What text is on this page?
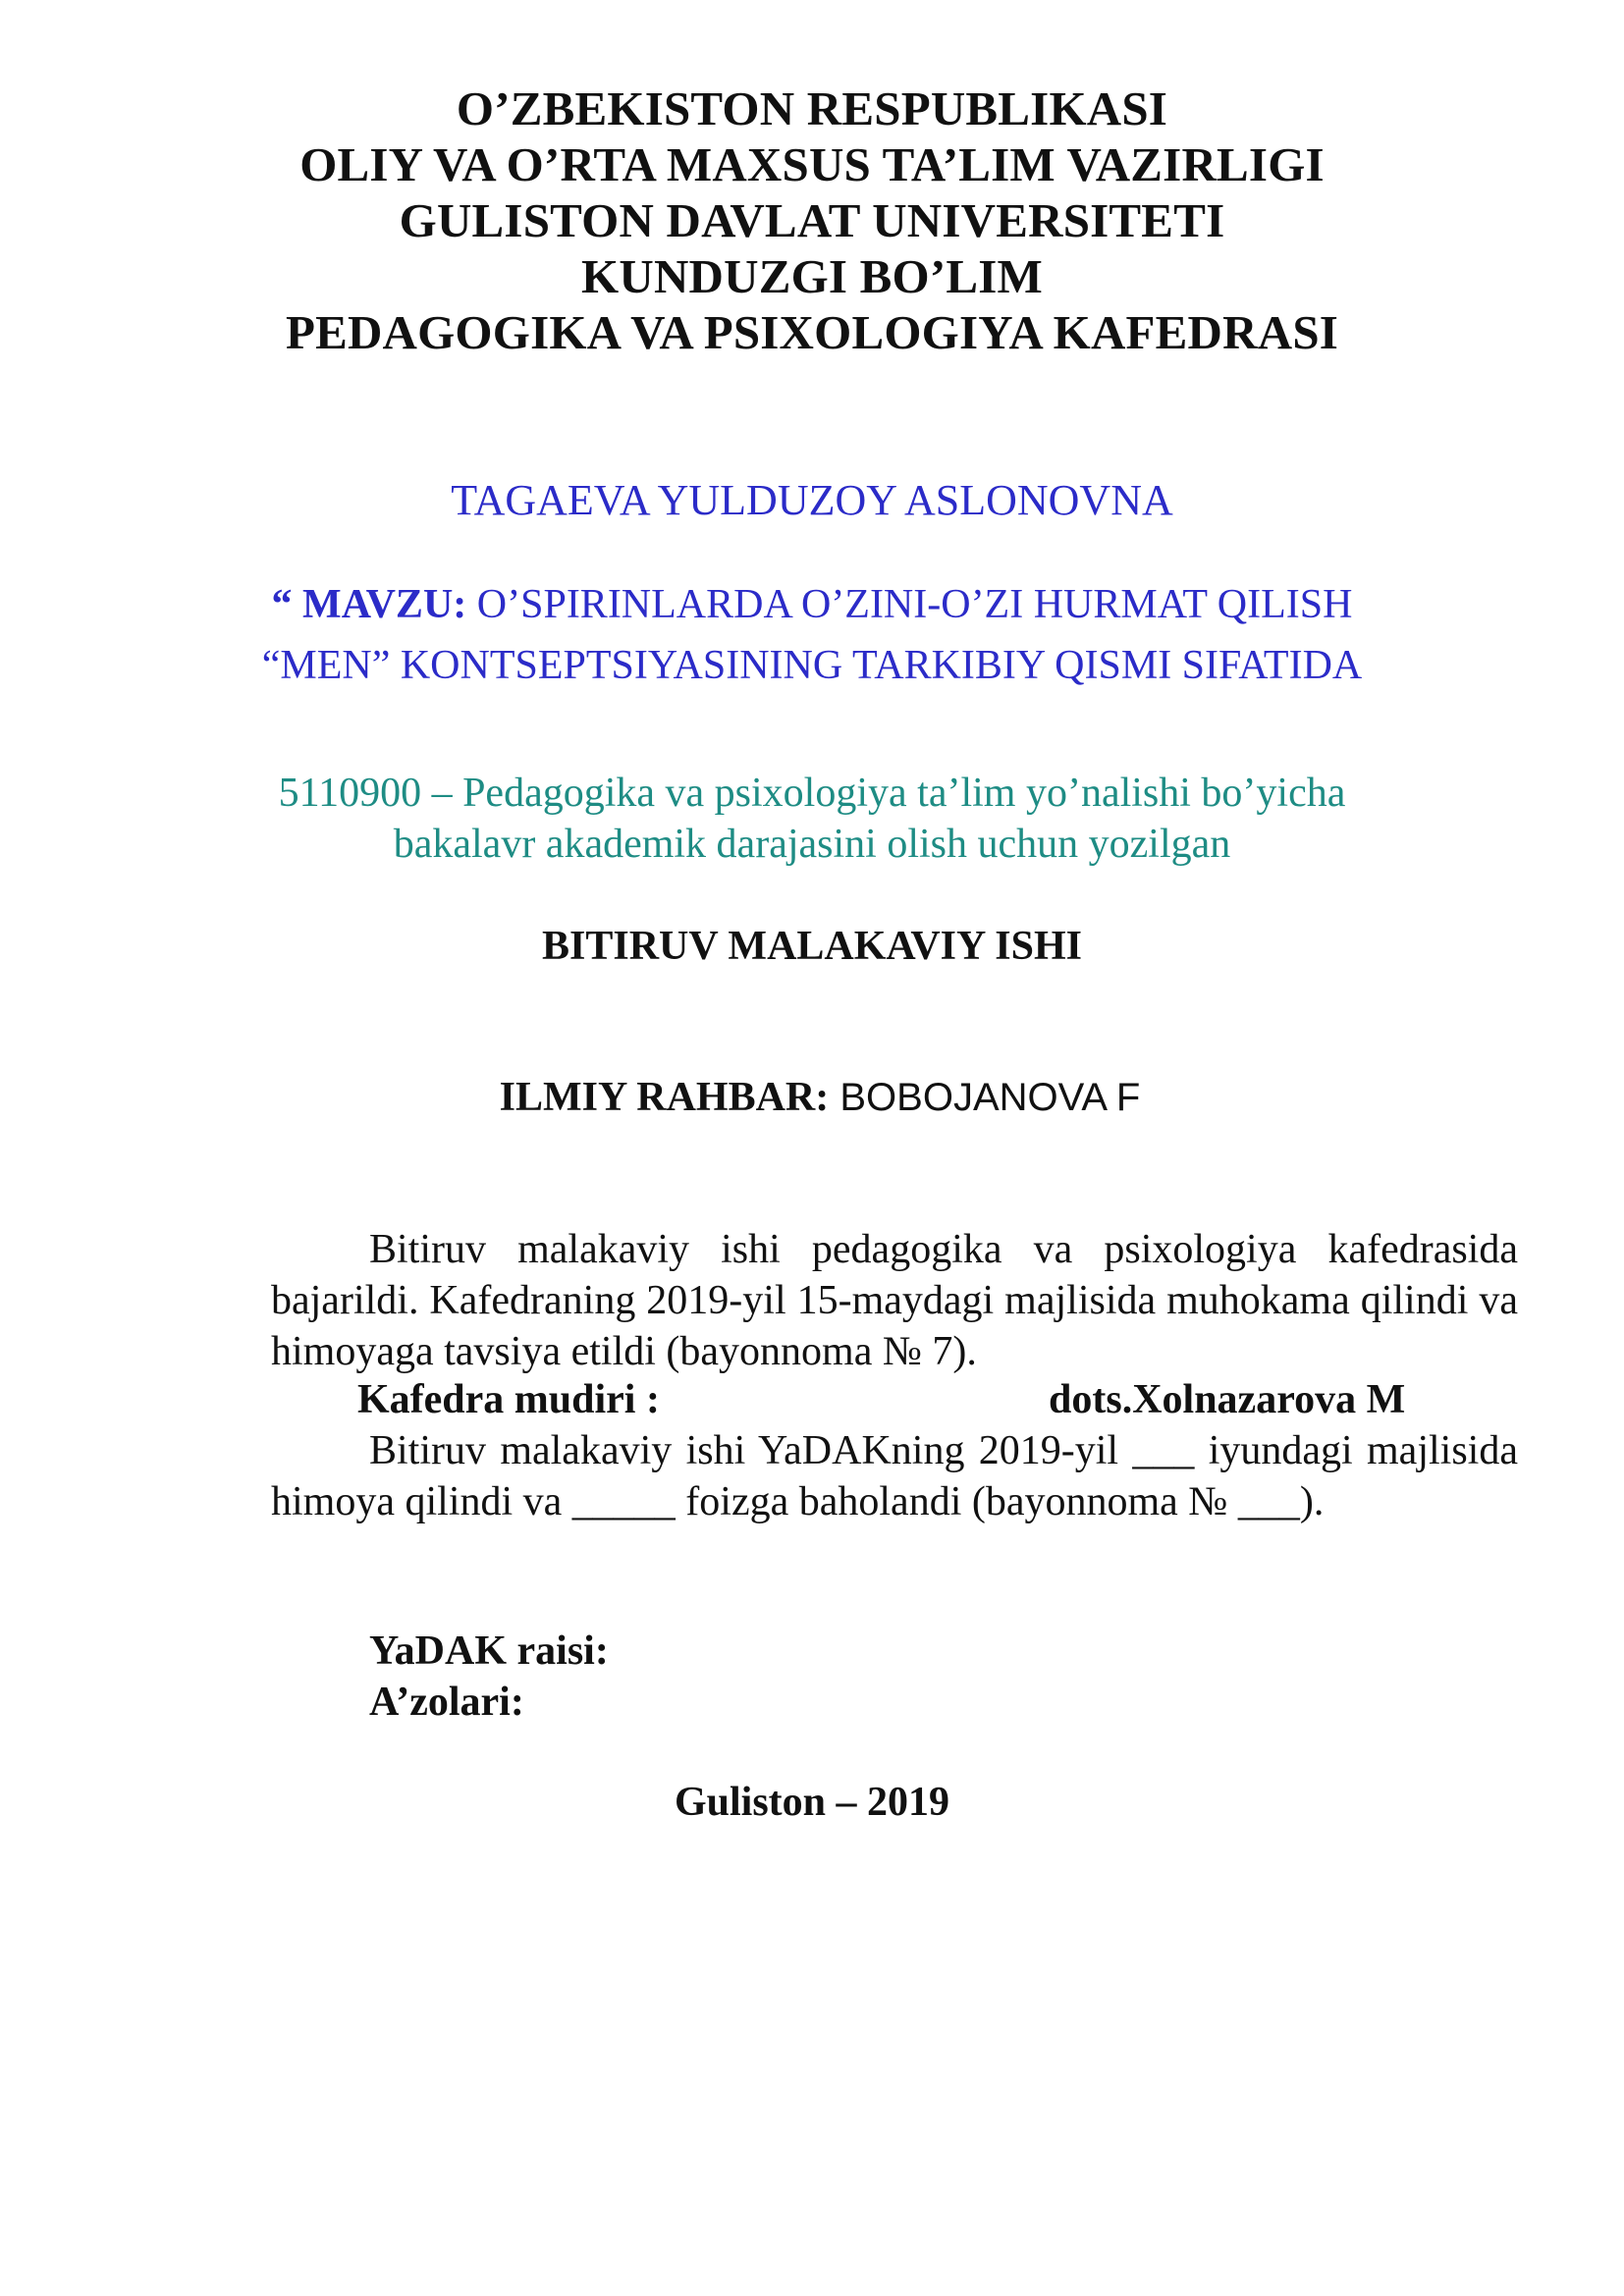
O’ZBEKISTON RESPUBLIKASI
OLIY VA O’RTA MAXSUS TA’LIM VAZIRLIGI
GULISTON DAVLAT UNIVERSITETI
KUNDUZGI BO’LIM
PEDAGOGIKA VA PSIXOLOGIYA KAFEDRASI
TAGAEVA YULDUZOY ASLONOVNA
“ MAVZU: O’SPIRINLARDA O’ZINI-O’ZI HURMAT QILISH
“MEN” KONTSEPTSIYASINING TARKIBIY QISMI SIFATIDA
5110900 – Pedagogika va psixologiya ta’lim yo’nalishi bo’yicha
bakalavr akademik darajasini olish uchun yozilgan
BITIRUV MALAKAVIY ISHI
ILMIY RAHBAR: BOBOJANOVA F

Bitiruv malakaviy ishi pedagogika va psixologiya kafedrasida bajarildi. Kafedraning 2019-yil 15-maydagi majlisida muhokama qilindi va himoyaga tavsiya etildi (bayonnoma № 7).

Kafedra mudiri :	dots.Xolnazarova M

Bitiruv malakaviy ishi YaDAKning 2019-yil ___ iyundagi majlisida himoya qilindi va _____ foizga baholandi (bayonnoma № ___).

YaDAK raisi:
A’zolari:
Guliston – 2019
